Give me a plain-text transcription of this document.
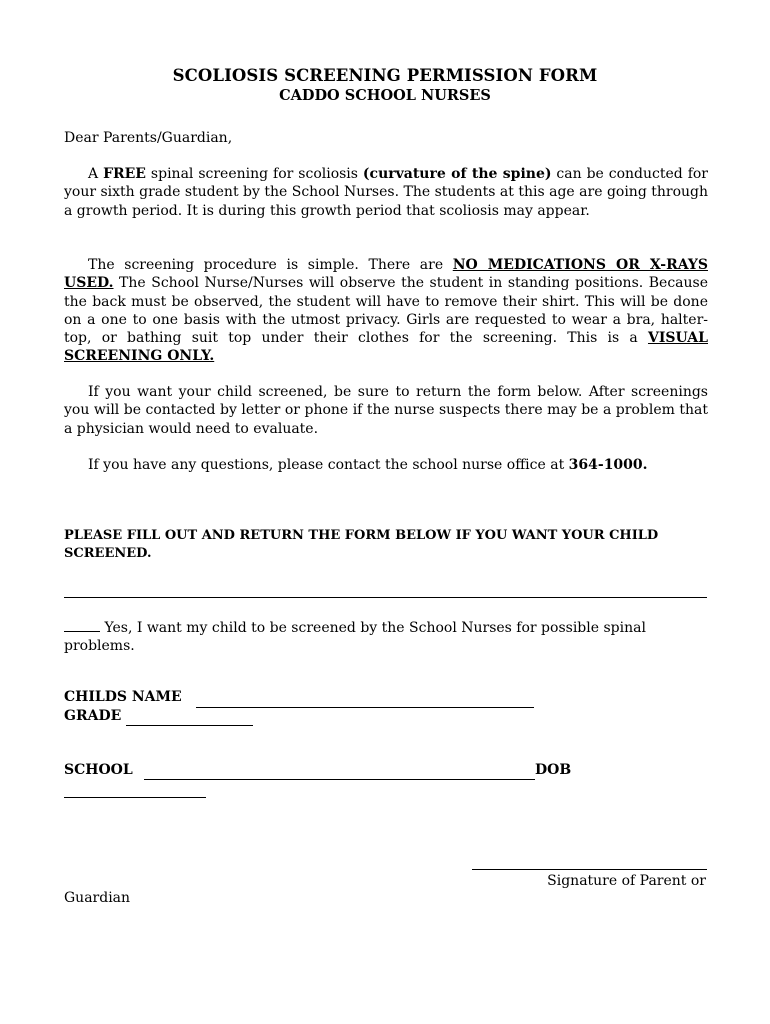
SCOLIOSIS SCREENING PERMISSION FORM
CADDO SCHOOL NURSES
Dear Parents/Guardian,
A FREE spinal screening for scoliosis (curvature of the spine) can be conducted for your sixth grade student by the School Nurses. The students at this age are going through a growth period. It is during this growth period that scoliosis may appear.
The screening procedure is simple. There are NO MEDICATIONS OR X-RAYS USED. The School Nurse/Nurses will observe the student in standing positions. Because the back must be observed, the student will have to remove their shirt. This will be done on a one to one basis with the utmost privacy. Girls are requested to wear a bra, halter-top, or bathing suit top under their clothes for the screening. This is a VISUAL SCREENING ONLY.
If you want your child screened, be sure to return the form below. After screenings you will be contacted by letter or phone if the nurse suspects there may be a problem that a physician would need to evaluate.
If you have any questions, please contact the school nurse office at 364-1000.
PLEASE FILL OUT AND RETURN THE FORM BELOW IF YOU WANT YOUR CHILD SCREENED.
Yes, I want my child to be screened by the School Nurses for possible spinal problems.
CHILDS NAME
GRADE
SCHOOL	DOB
Signature of Parent or
Guardian
